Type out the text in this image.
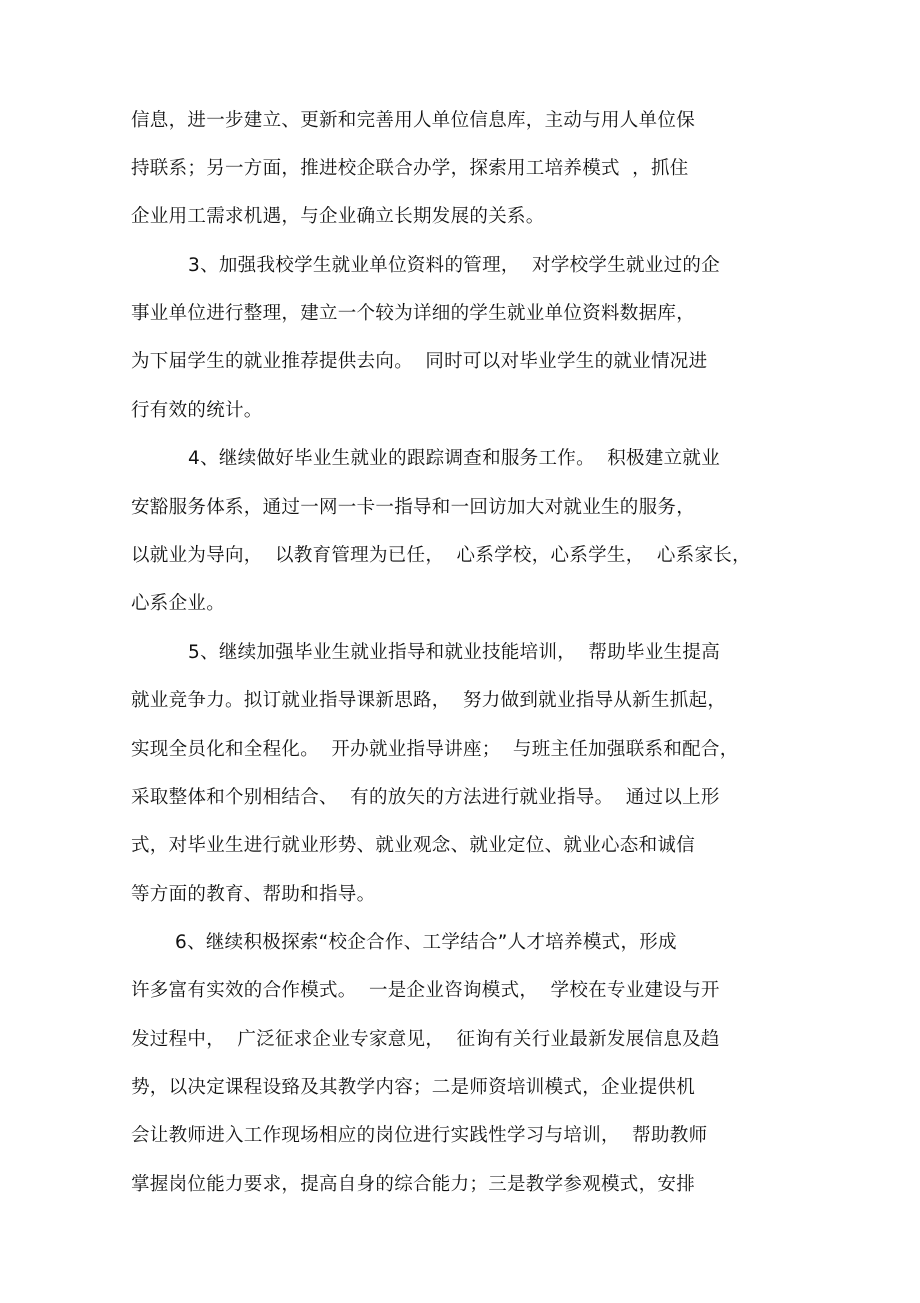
信息，进一步建立、更新和完善用人单位信息库，主动与用人单位保
持联系；另一方面，推进校企联合办学，探索用工培养模式  ，抓住
企业用工需求机遇，与企业确立长期发展的关系。
3、加强我校学生就业单位资料的管理，  对学校学生就业过的企
事业单位进行整理，建立一个较为详细的学生就业单位资料数据库，
为下届学生的就业推荐提供去向。  同时可以对毕业学生的就业情况进
行有效的统计。
4、继续做好毕业生就业的跟踪调查和服务工作。  积极建立就业
安豁服务体系，通过一网一卡一指导和一回访加大对就业生的服务，
以就业为导向，  以教育管理为已任，  心系学校，心系学生，  心系家长，
心系企业。
5、继续加强毕业生就业指导和就业技能培训，  帮助毕业生提高
就业竞争力。拟订就业指导课新思路，  努力做到就业指导从新生抓起，
实现全员化和全程化。  开办就业指导讲座；  与班主任加强联系和配合，
采取整体和个别相结合、  有的放矢的方法进行就业指导。  通过以上形
式，对毕业生进行就业形势、就业观念、就业定位、就业心态和诚信
等方面的教育、帮助和指导。
6、继续积极探索“校企合作、工学结合”人才培养模式，形成
许多富有实效的合作模式。  一是企业咨询模式，  学校在专业建设与开
发过程中，  广泛征求企业专家意见，  征询有关行业最新发展信息及趋
势，以决定课程设臵及其教学内容；二是师资培训模式，企业提供机
会让教师进入工作现场相应的岗位进行实践性学习与培训，  帮助教师
掌握岗位能力要求，提高自身的综合能力；三是教学参观模式，安排
